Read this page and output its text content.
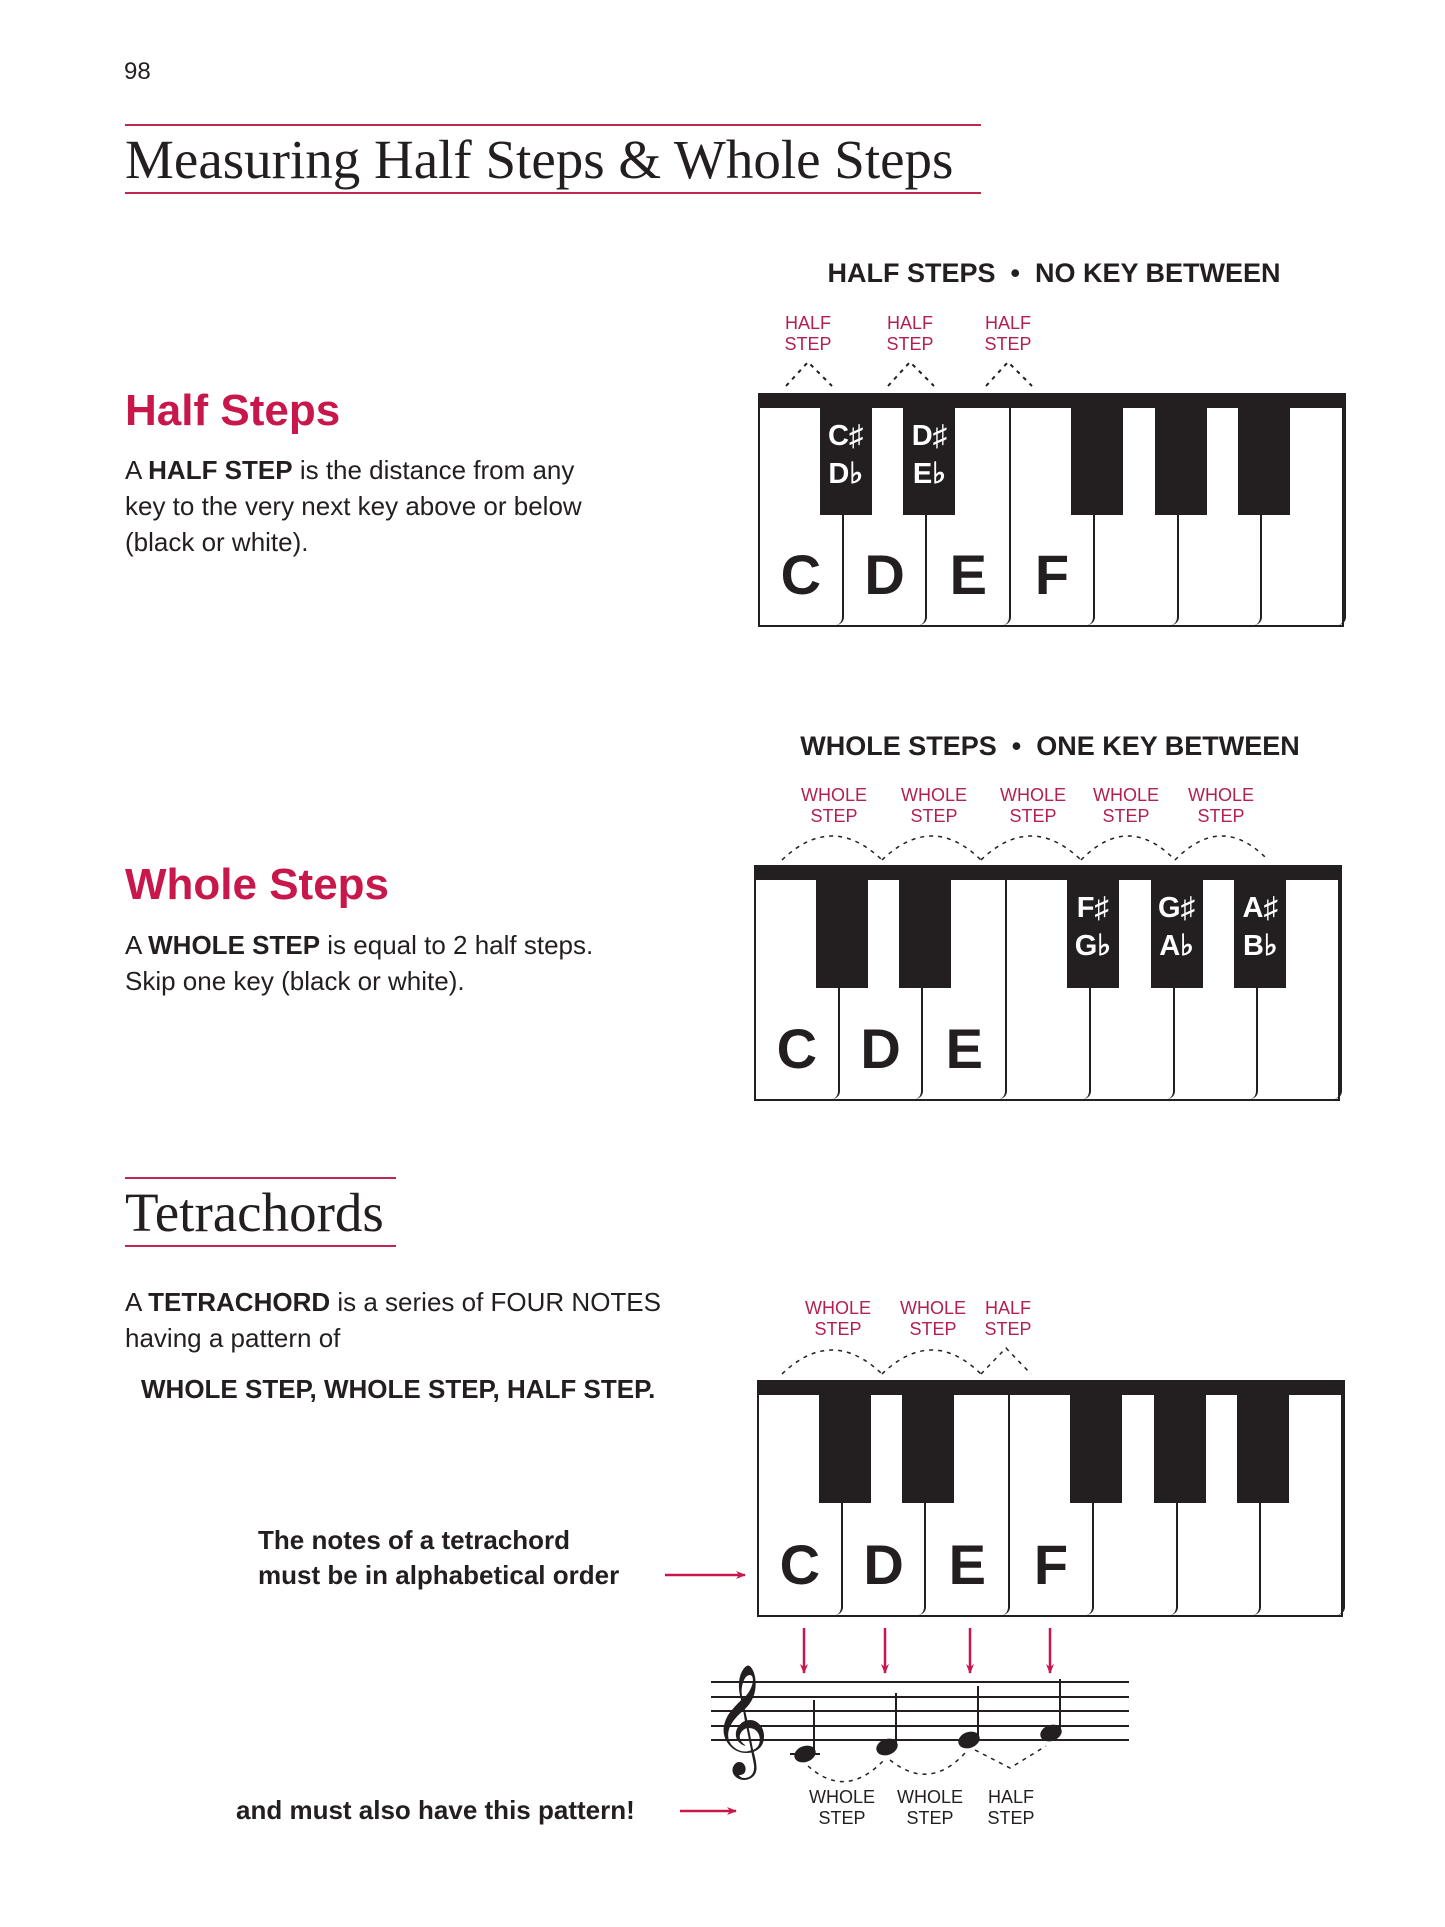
98
Measuring Half Steps & Whole Steps
Half Steps
A HALF STEP is the distance from any
key to the very next key above or below
(black or white).
HALF STEPS  •  NO KEY BETWEEN
Whole Steps
A WHOLE STEP is equal to 2 half steps.
Skip one key (black or white).
WHOLE STEPS  •  ONE KEY BETWEEN
Tetrachords
A TETRACHORD is a series of FOUR NOTES
having a pattern of
WHOLE STEP, WHOLE STEP, HALF STEP.
The notes of a tetrachord
must be in alphabetical order
and must also have this pattern!
C D E F
C♯
D♭
D♯
E♭
C D E
F♯
G♭
G♯
A♭
A♯
B♭
C D E F
HALF
STEP
HALF
STEP
HALF
STEP
WHOLE
STEP
WHOLE
STEP
WHOLE
STEP
WHOLE
STEP
WHOLE
STEP
WHOLE
STEP
WHOLE
STEP
HALF
STEP
WHOLE
STEP
WHOLE
STEP
HALF
STEP
𝄞
